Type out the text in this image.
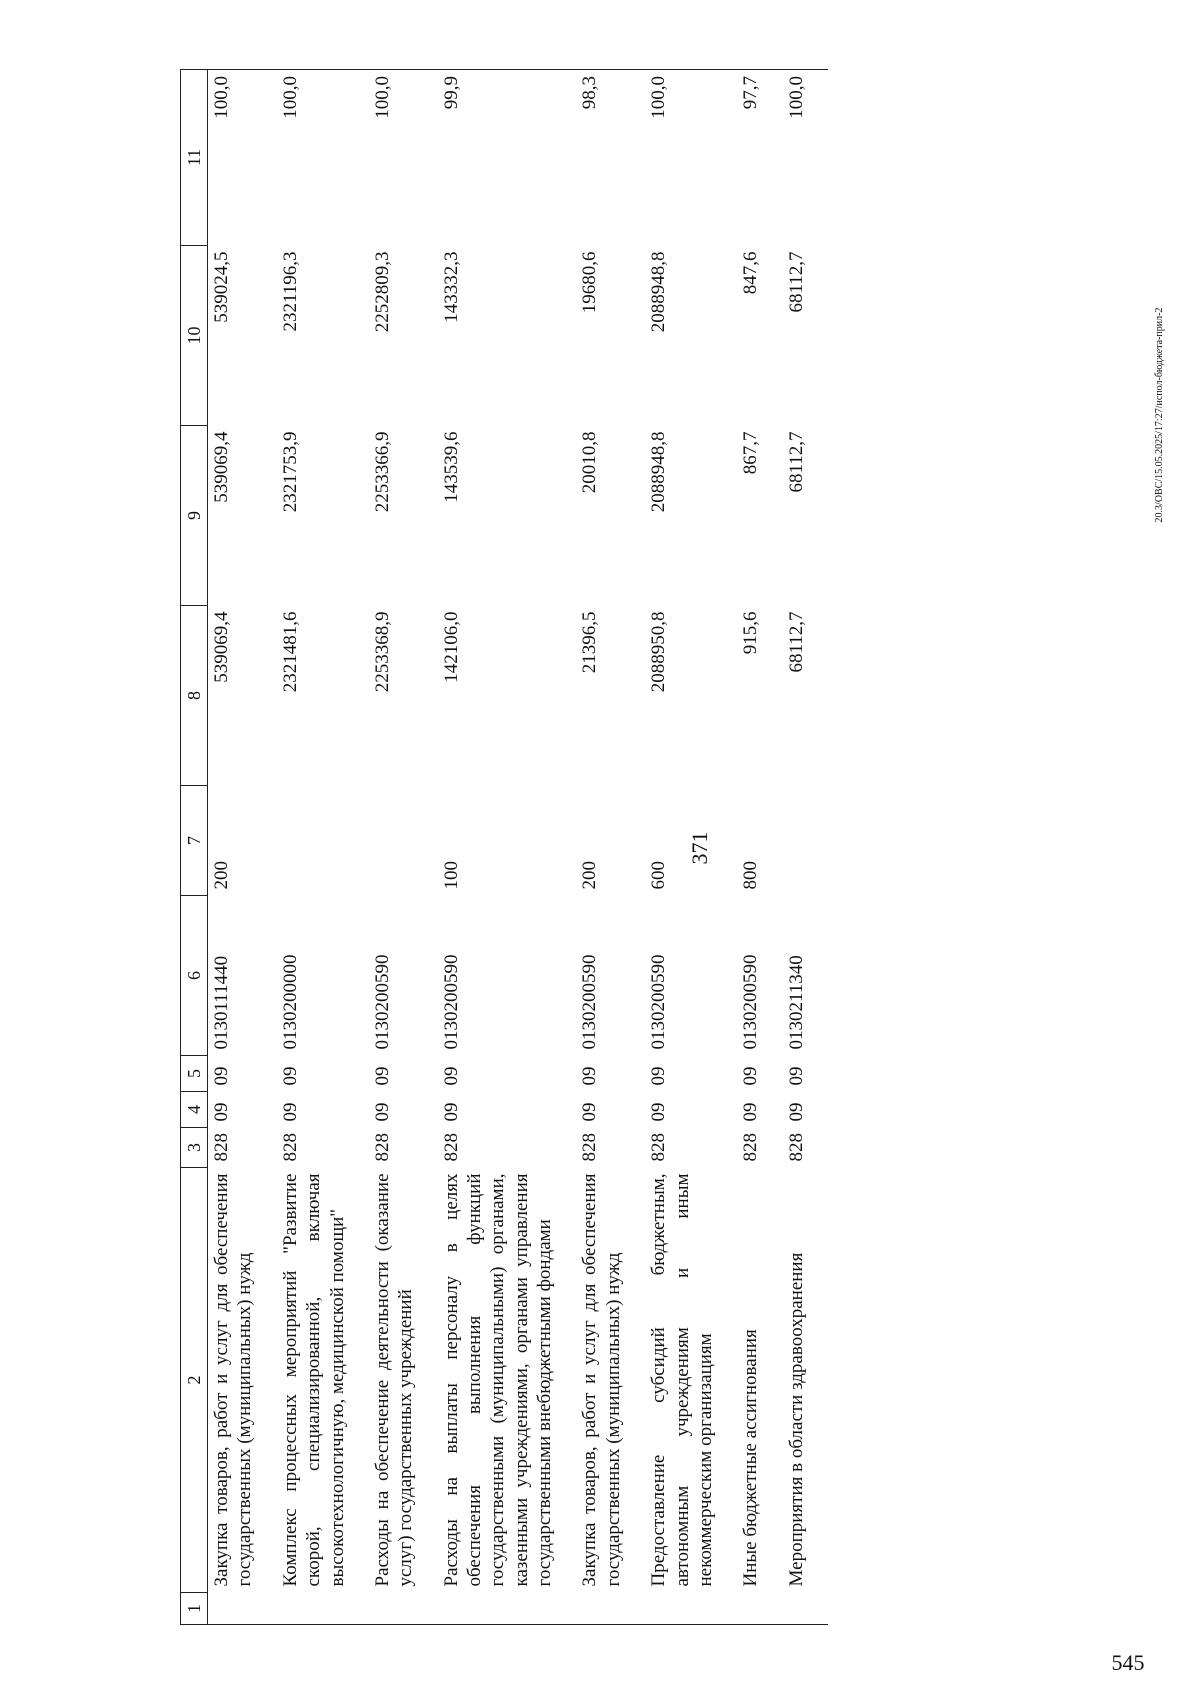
371
1	2	3	4	5	6	7	8	9	10	11
	Закупка товаров, работ и услуг для обеспечения государственных (муниципальных) нужд	828	09	09	0130111440	200	539069,4	539069,4	539024,5	100,0
	Комплекс процессных мероприятий "Развитие скорой, специализированной, включая высокотехнологичную, медицинской помощи"	828	09	09	0130200000		2321481,6	2321753,9	2321196,3	100,0
	Расходы на обеспечение деятельности (оказание услуг) государственных учреждений	828	09	09	0130200590		2253368,9	2253366,9	2252809,3	100,0
	Расходы на выплаты персоналу в целях обеспечения выполнения функций государственными (муниципальными) органами, казенными учреждениями, органами управления государственными внебюджетными фондами	828	09	09	0130200590	100	142106,0	143539,6	143332,3	99,9
	Закупка товаров, работ и услуг для обеспечения государственных (муниципальных) нужд	828	09	09	0130200590	200	21396,5	20010,8	19680,6	98,3
	Предоставление субсидий бюджетным, автономным учреждениям и иным некоммерческим организациям	828	09	09	0130200590	600	2088950,8	2088948,8	2088948,8	100,0
	Иные бюджетные ассигнования	828	09	09	0130200590	800	915,6	867,7	847,6	97,7
	Мероприятия в области здравоохранения	828	09	09	0130211340		68112,7	68112,7	68112,7	100,0
20.3/ОВС/15.05.2025/17:27/испол-бюджета-прил-2
545
